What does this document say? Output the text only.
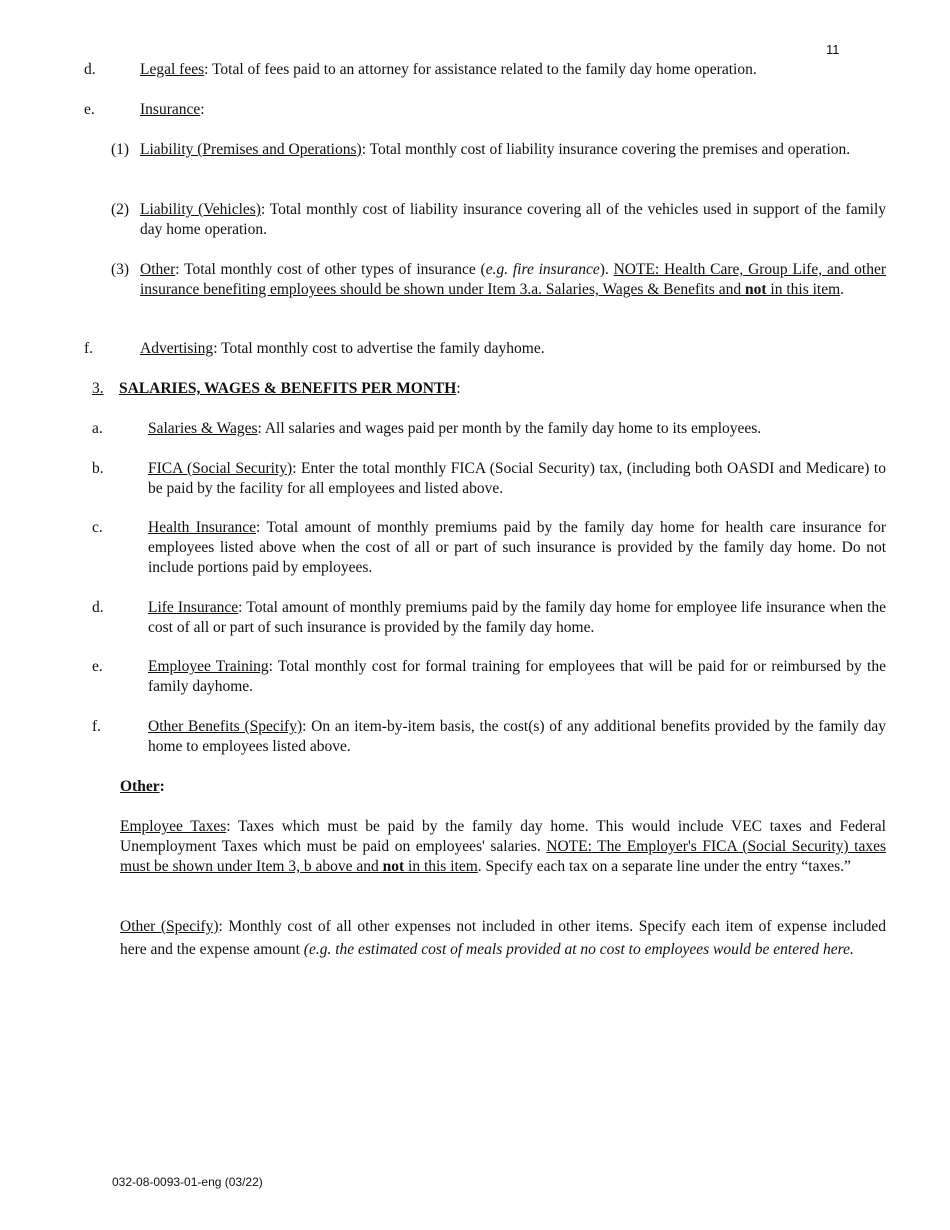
11
d.	Legal fees: Total of fees paid to an attorney for assistance related to the family day home operation.
e.	Insurance:
(1) Liability (Premises and Operations): Total monthly cost of liability insurance covering the premises and operation.
(2) Liability (Vehicles): Total monthly cost of liability insurance covering all of the vehicles used in support of the family day home operation.
(3) Other: Total monthly cost of other types of insurance (e.g. fire insurance). NOTE: Health Care, Group Life, and other insurance benefiting employees should be shown under Item 3.a. Salaries, Wages & Benefits and not in this item.
f.	Advertising: Total monthly cost to advertise the family dayhome.
3. SALARIES, WAGES & BENEFITS PER MONTH:
a.	Salaries & Wages: All salaries and wages paid per month by the family day home to its employees.
b.	FICA (Social Security): Enter the total monthly FICA (Social Security) tax, (including both OASDI and Medicare) to be paid by the facility for all employees and listed above.
c.	Health Insurance: Total amount of monthly premiums paid by the family day home for health care insurance for employees listed above when the cost of all or part of such insurance is provided by the family day home. Do not include portions paid by employees.
d.	Life Insurance: Total amount of monthly premiums paid by the family day home for employee life insurance when the cost of all or part of such insurance is provided by the family day home.
e.	Employee Training: Total monthly cost for formal training for employees that will be paid for or reimbursed by the family dayhome.
f.	Other Benefits (Specify): On an item-by-item basis, the cost(s) of any additional benefits provided by the family day home to employees listed above.
Other:
Employee Taxes: Taxes which must be paid by the family day home. This would include VEC taxes and Federal Unemployment Taxes which must be paid on employees' salaries. NOTE: The Employer's FICA (Social Security) taxes must be shown under Item 3, b above and not in this item. Specify each tax on a separate line under the entry “taxes.”
Other (Specify): Monthly cost of all other expenses not included in other items. Specify each item of expense included here and the expense amount (e.g. the estimated cost of meals provided at no cost to employees would be entered here.
032-08-0093-01-eng (03/22)
